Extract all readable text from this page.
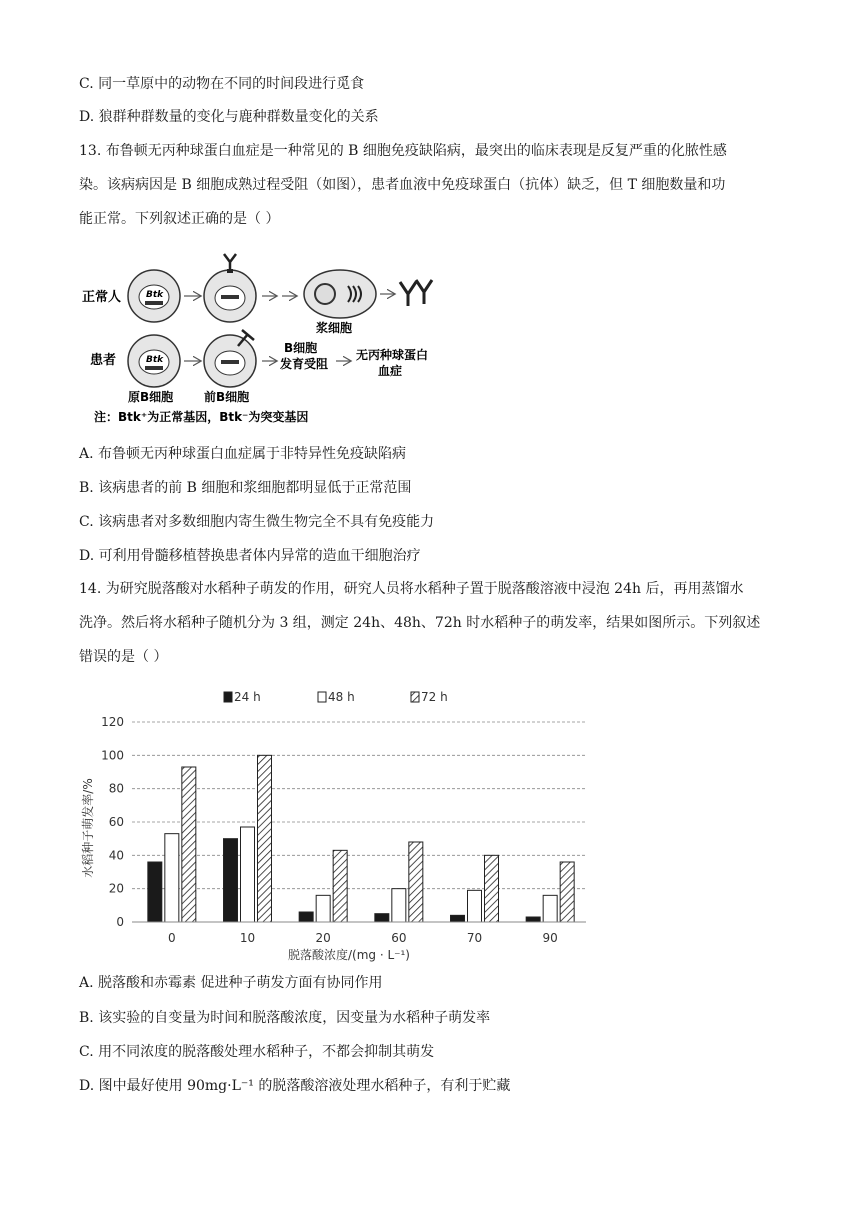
C. 同一草原中的动物在不同的时间段进行觅食
D. 狼群种群数量的变化与鹿种群数量变化的关系
13. 布鲁顿无丙种球蛋白血症是一种常见的 B 细胞免疫缺陷病，最突出的临床表现是反复严重的化脓性感
染。该病病因是 B 细胞成熟过程受阻（如图），患者血液中免疫球蛋白（抗体）缺乏，但 T 细胞数量和功
能正常。下列叙述正确的是（ ）
正常人
患者
Btk
浆细胞
Btk
B细胞
发育受阻
无丙种球蛋白
血症
原B细胞	前B细胞
注：Btk⁺为正常基因，Btk⁻为突变基因
A. 布鲁顿无丙种球蛋白血症属于非特异性免疫缺陷病
B. 该病患者的前 B 细胞和浆细胞都明显低于正常范围
C. 该病患者对多数细胞内寄生微生物完全不具有免疫能力
D. 可利用骨髓移植替换患者体内异常的造血干细胞治疗
14. 为研究脱落酸对水稻种子萌发的作用，研究人员将水稻种子置于脱落酸溶液中浸泡 24h 后，再用蒸馏水
洗净。然后将水稻种子随机分为 3 组，测定 24h、48h、72h 时水稻种子的萌发率，结果如图所示。下列叙述
错误的是（ ）
0
20
40
60
80
100
120
0	10	20	60	70	90
脱落酸浓度/(mg · L⁻¹)
水稻种子萌发率/%
24 h	48 h	72 h
A. 脱落酸和赤霉素 促进种子萌发方面有协同作用
B. 该实验的自变量为时间和脱落酸浓度，因变量为水稻种子萌发率
C. 用不同浓度的脱落酸处理水稻种子，不都会抑制其萌发
D. 图中最好使用 90mg·L⁻¹ 的脱落酸溶液处理水稻种子，有利于贮藏
